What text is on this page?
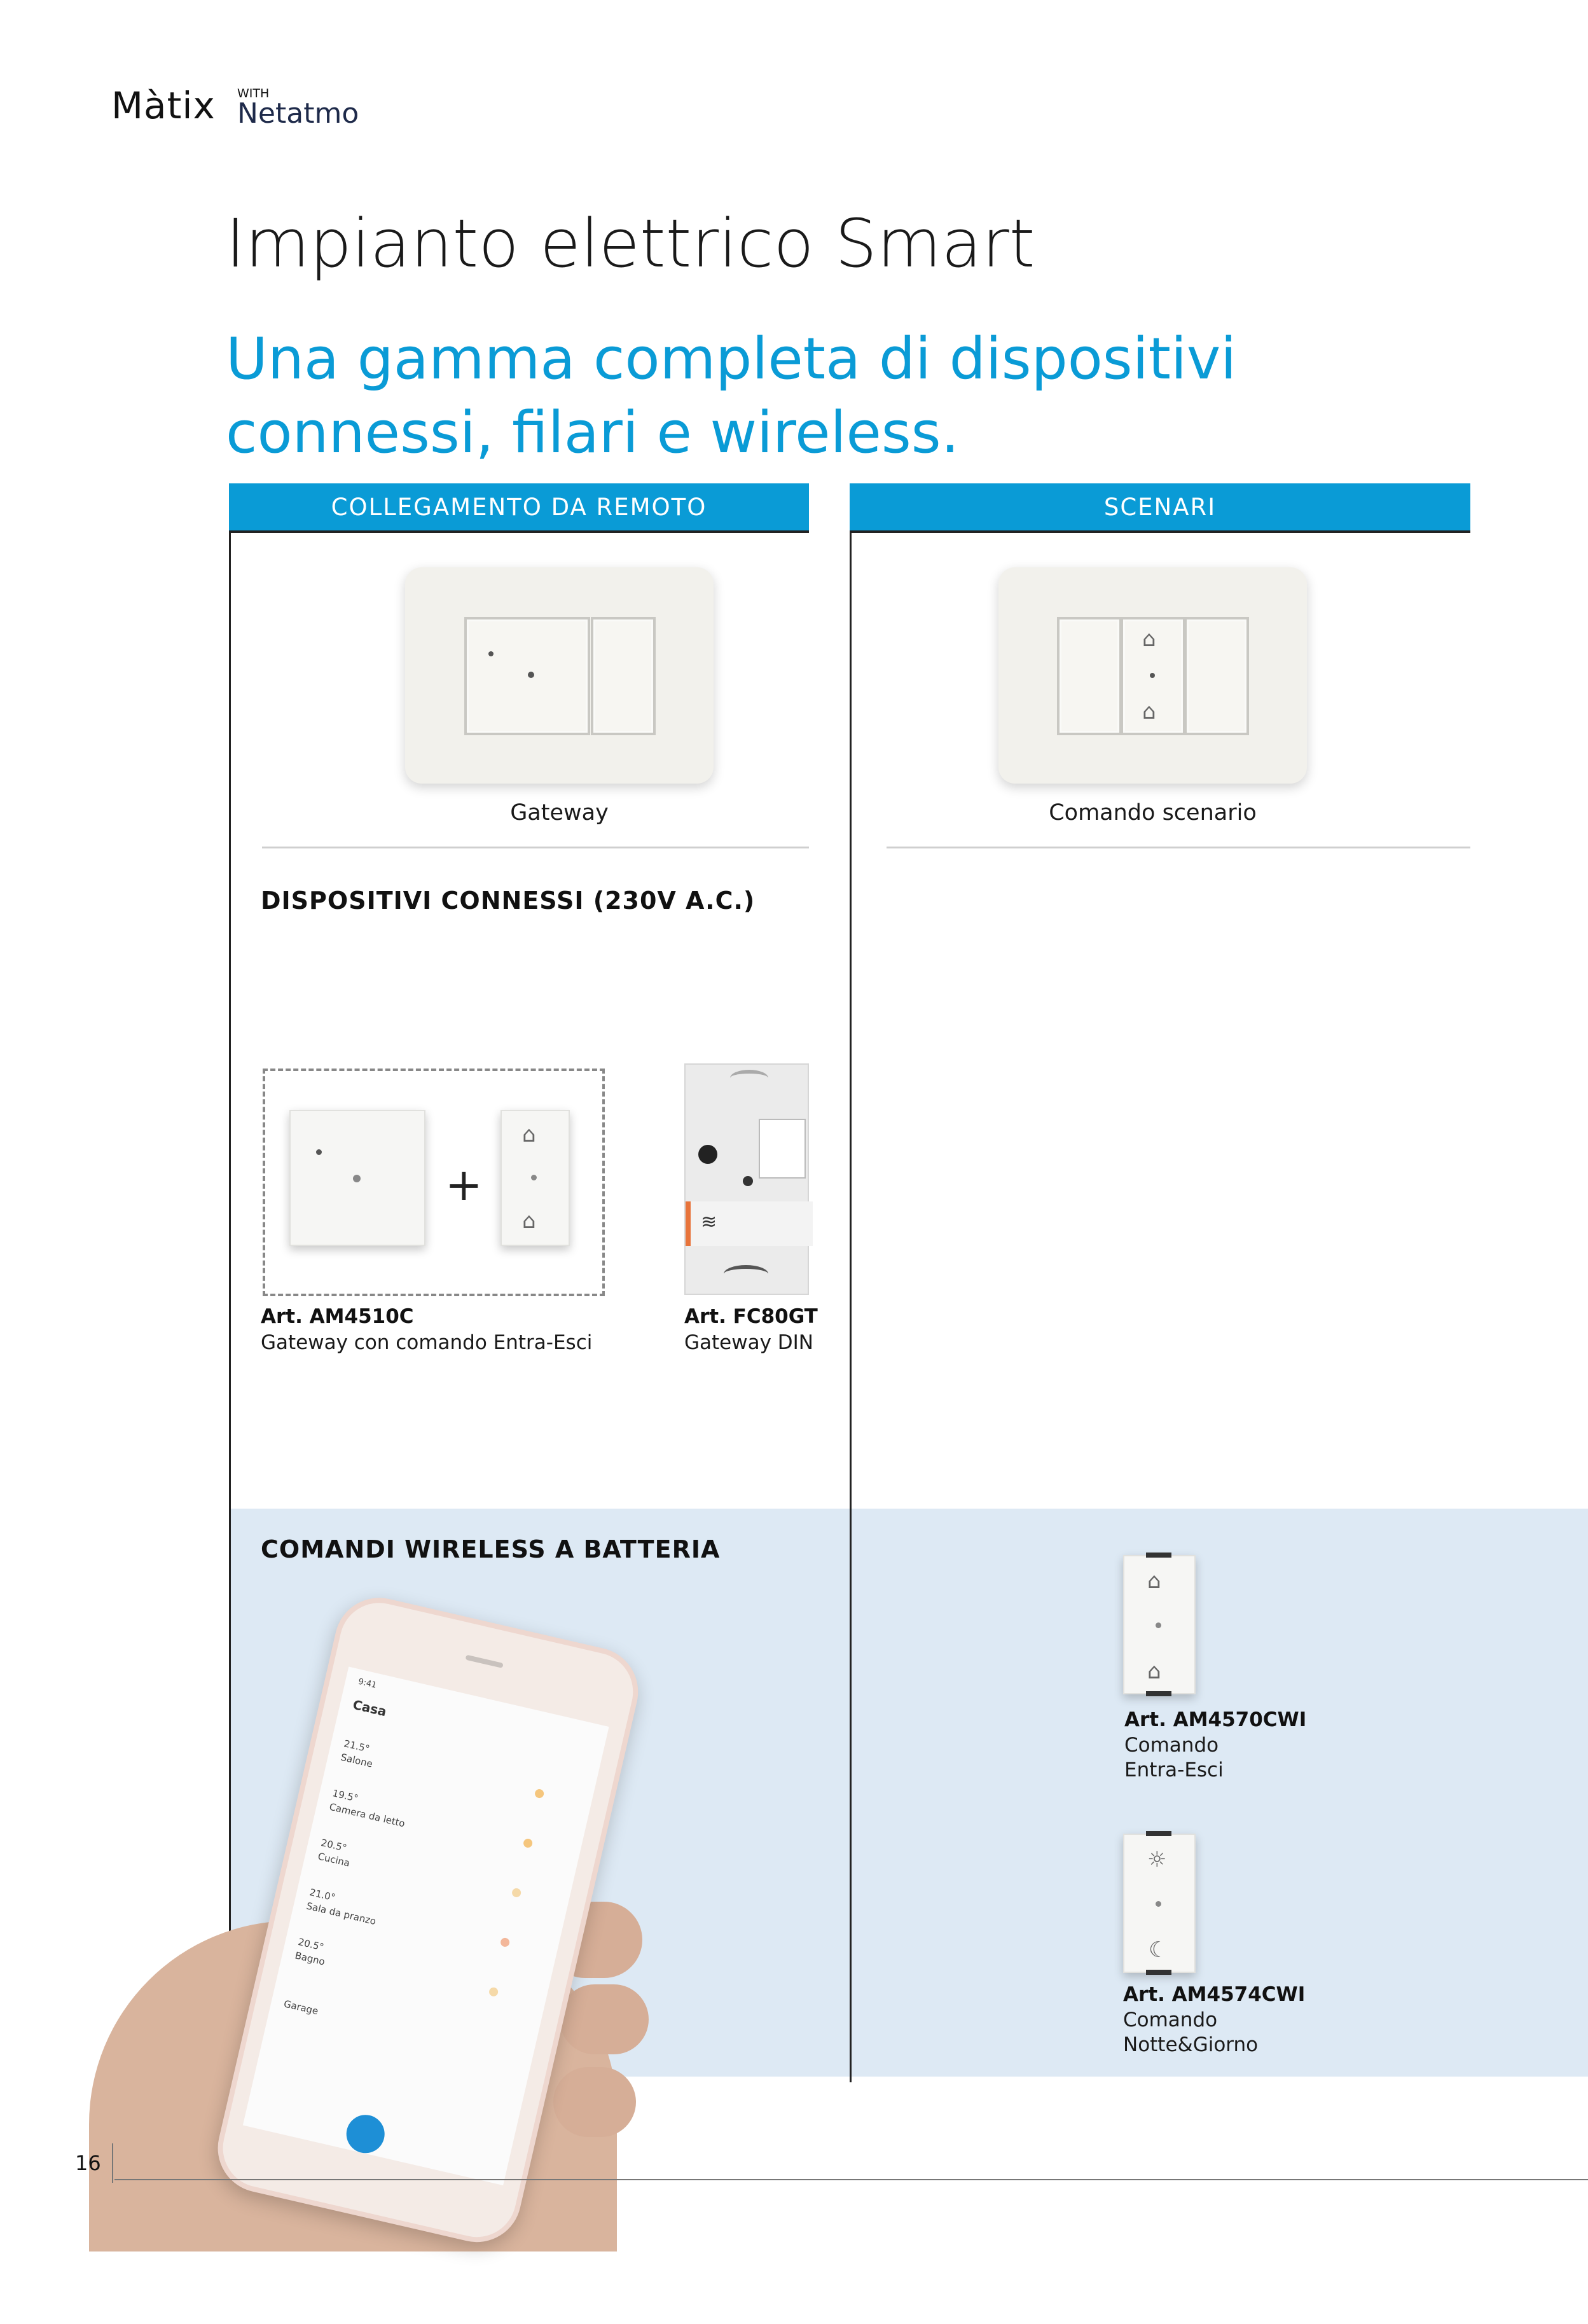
Màtix WITH
Netatmo
Impianto elettrico Smart
Una gamma completa di dispositivi connessi, filari e wireless.
COLLEGAMENTO DA REMOTO	SCENARI
Gateway
⌂
⌂
Comando scenario
DISPOSITIVI CONNESSI (230V A.C.)
+
⌂
⌂	≋
Art. AM4510C
Gateway con comando Entra-Esci
Art. FC80GT
Gateway DIN
COMANDI WIRELESS A BATTERIA
⌂
⌂
Art. AM4570CWI
Comando
Entra-Esci
☼
☾
Art. AM4574CWI
Comando
Notte&Giorno
9:41
Casa
21.5°
Salone
19.5°
Camera da letto
20.5°
Cucina
21.0°
Sala da pranzo
20.5°
Bagno
Garage
16
